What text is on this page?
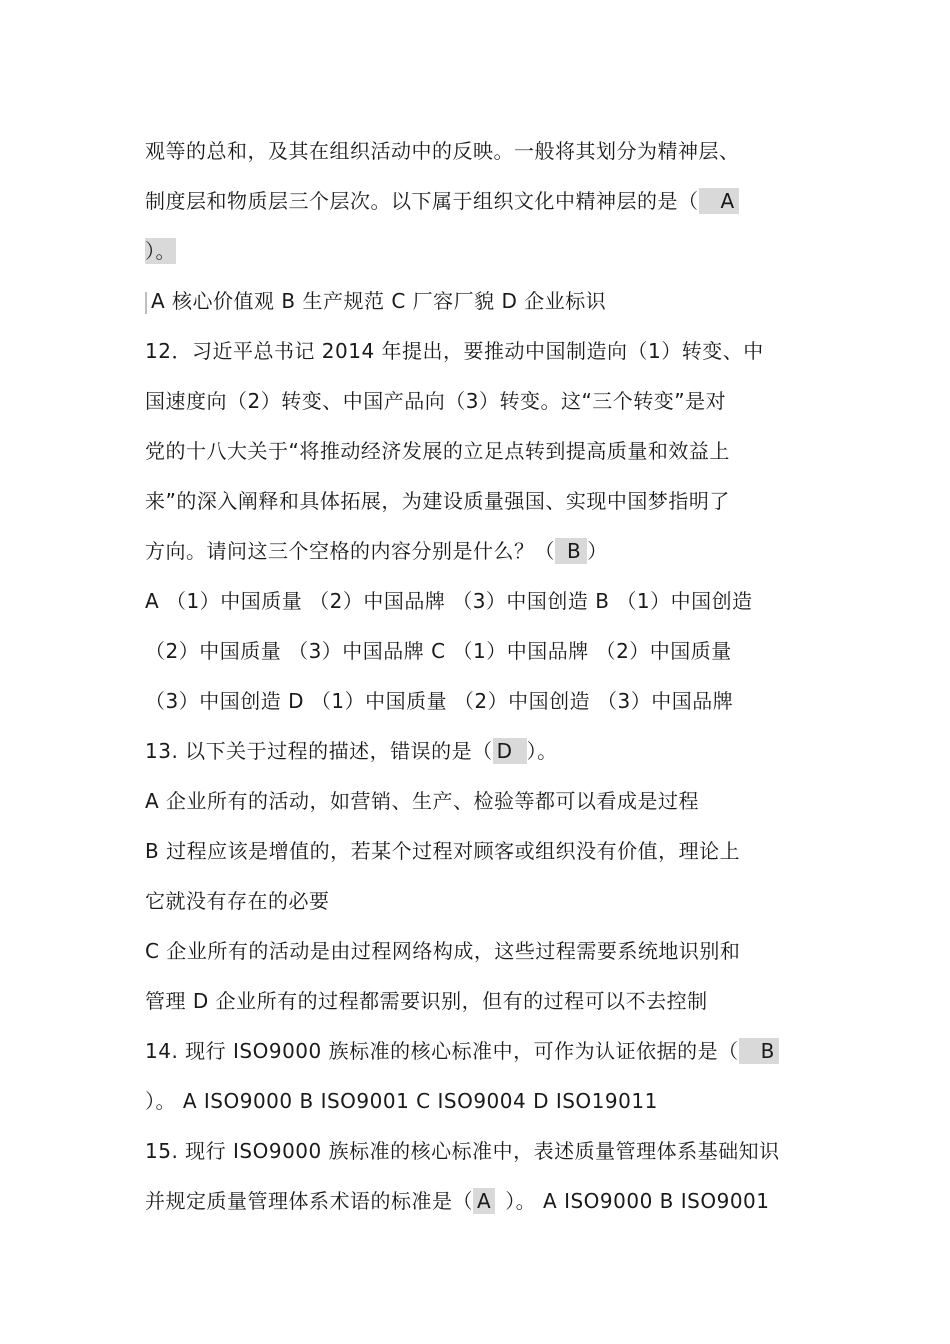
观等的总和，及其在组织活动中的反映。一般将其划分为精神层、
制度层和物质层三个层次。以下属于组织文化中精神层的是（ A
）。
A 核心价值观 B 生产规范 C 厂容厂貌 D 企业标识
12．习近平总书记 2014 年提出，要推动中国制造向（1）转变、中
国速度向（2）转变、中国产品向（3）转变。这“三个转变”是对
党的十八大关于“将推动经济发展的立足点转到提高质量和效益上
来”的深入阐释和具体拓展，为建设质量强国、实现中国梦指明了
方向。请问这三个空格的内容分别是什么？（ B ）
A （1）中国质量 （2）中国品牌 （3）中国创造 B （1）中国创造
（2）中国质量 （3）中国品牌 C （1）中国品牌 （2）中国质量
（3）中国创造 D （1）中国质量 （2）中国创造 （3）中国品牌
13. 以下关于过程的描述，错误的是（ D ）。
A 企业所有的活动，如营销、生产、检验等都可以看成是过程
B 过程应该是增值的，若某个过程对顾客或组织没有价值，理论上
它就没有存在的必要
C 企业所有的活动是由过程网络构成，这些过程需要系统地识别和
管理 D 企业所有的过程都需要识别，但有的过程可以不去控制
14. 现行 ISO9000 族标准的核心标准中，可作为认证依据的是（ B
）。 A ISO9000 B ISO9001 C ISO9004 D ISO19011
15. 现行 ISO9000 族标准的核心标准中，表述质量管理体系基础知识
并规定质量管理体系术语的标准是（ A ）。 A ISO9000 B ISO9001
